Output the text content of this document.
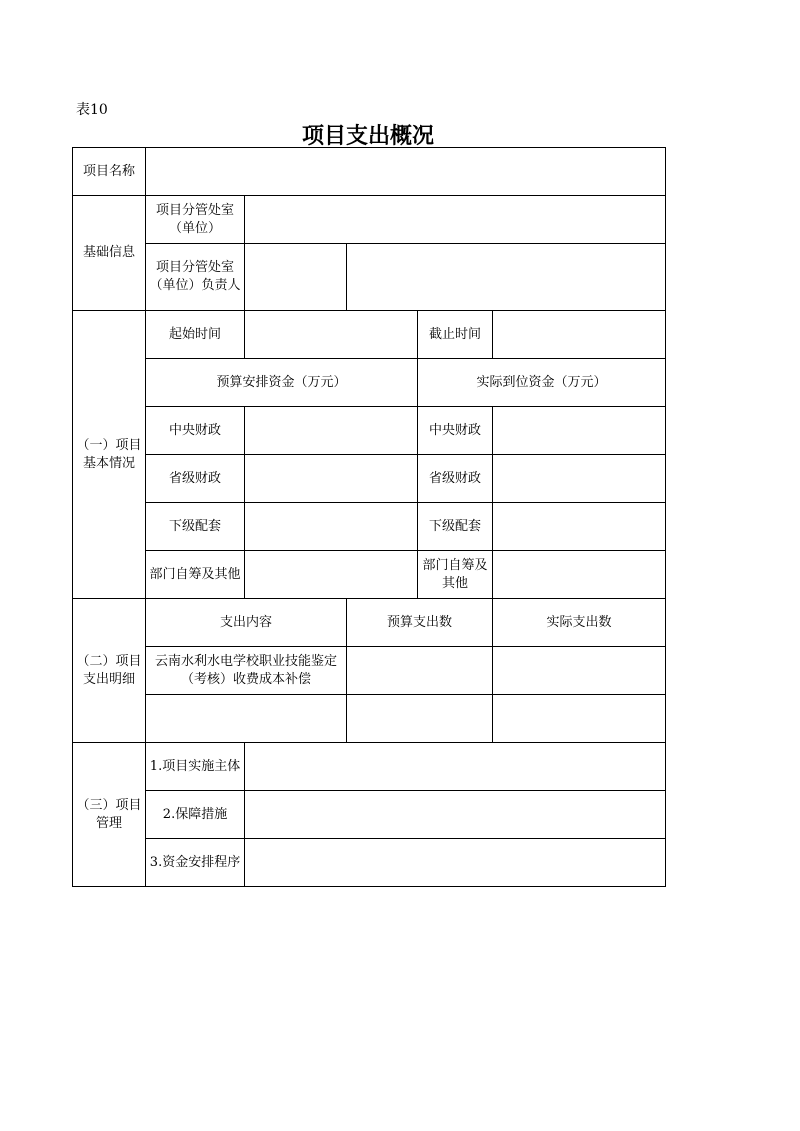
表10
项目支出概况
项目名称					
基础信息	项目分管处室（单位）				
	项目分管处室（单位）负责人				
（一）项目基本情况	起始时间			截止时间	
	预算安排资金（万元）			实际到位资金（万元）	
	中央财政			中央财政	
	省级财政			省级财政	
	下级配套			下级配套	
	部门自筹及其他			部门自筹及其他	
（二）项目支出明细	支出内容		预算支出数		实际支出数
	云南水利水电学校职业技能鉴定（考核）收费成本补偿				

（三）项目管理	1.项目实施主体				
	2.保障措施				
	3.资金安排程序				
